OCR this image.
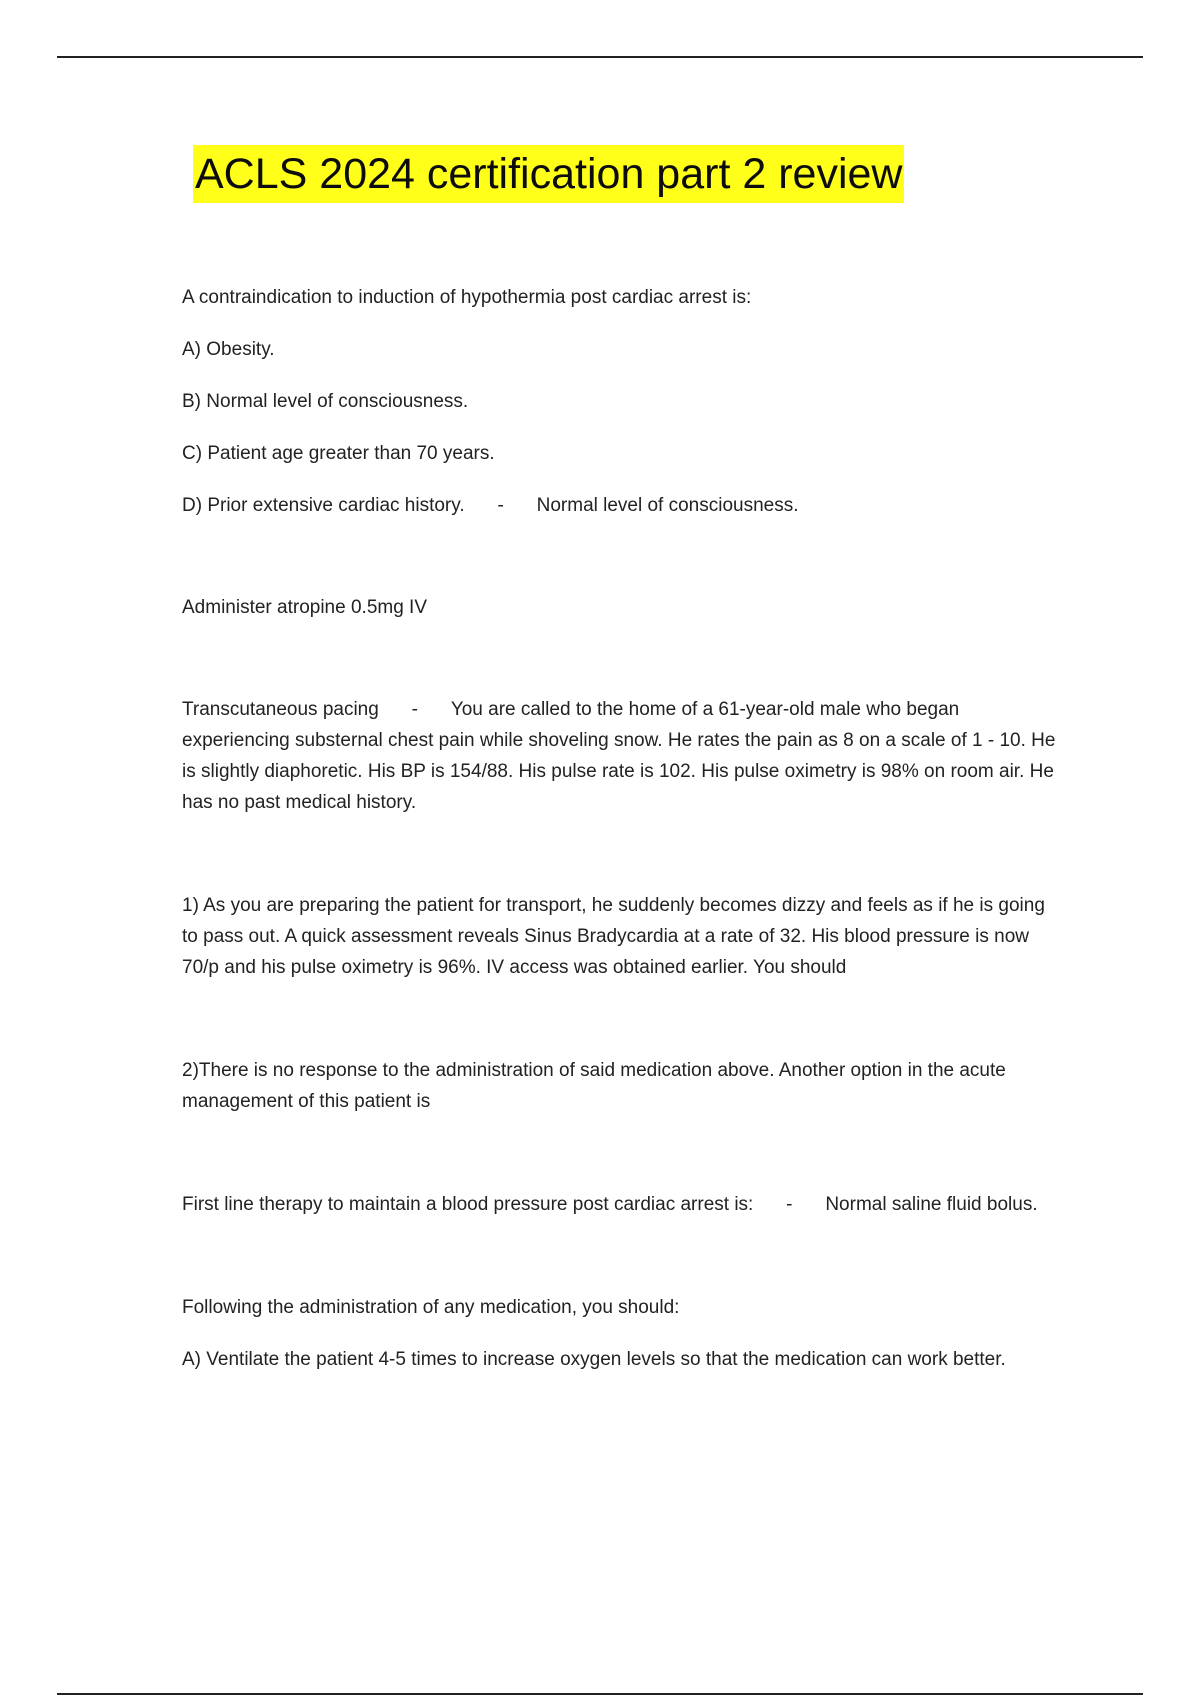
ACLS 2024 certification part 2 review

A contraindication to induction of hypothermia post cardiac arrest is:

A) Obesity.

B) Normal level of consciousness.

C) Patient age greater than 70 years.

D) Prior extensive cardiac history. - Normal level of consciousness.

Administer atropine 0.5mg IV

Transcutaneous pacing - You are called to the home of a 61-year-old male who began experiencing substernal chest pain while shoveling snow. He rates the pain as 8 on a scale of 1 - 10. He is slightly diaphoretic. His BP is 154/88. His pulse rate is 102. His pulse oximetry is 98% on room air. He has no past medical history.

1) As you are preparing the patient for transport, he suddenly becomes dizzy and feels as if he is going to pass out. A quick assessment reveals Sinus Bradycardia at a rate of 32. His blood pressure is now 70/p and his pulse oximetry is 96%. IV access was obtained earlier. You should

2)There is no response to the administration of said medication above. Another option in the acute management of this patient is

First line therapy to maintain a blood pressure post cardiac arrest is: - Normal saline fluid bolus.

Following the administration of any medication, you should:

A) Ventilate the patient 4-5 times to increase oxygen levels so that the medication can work better.
